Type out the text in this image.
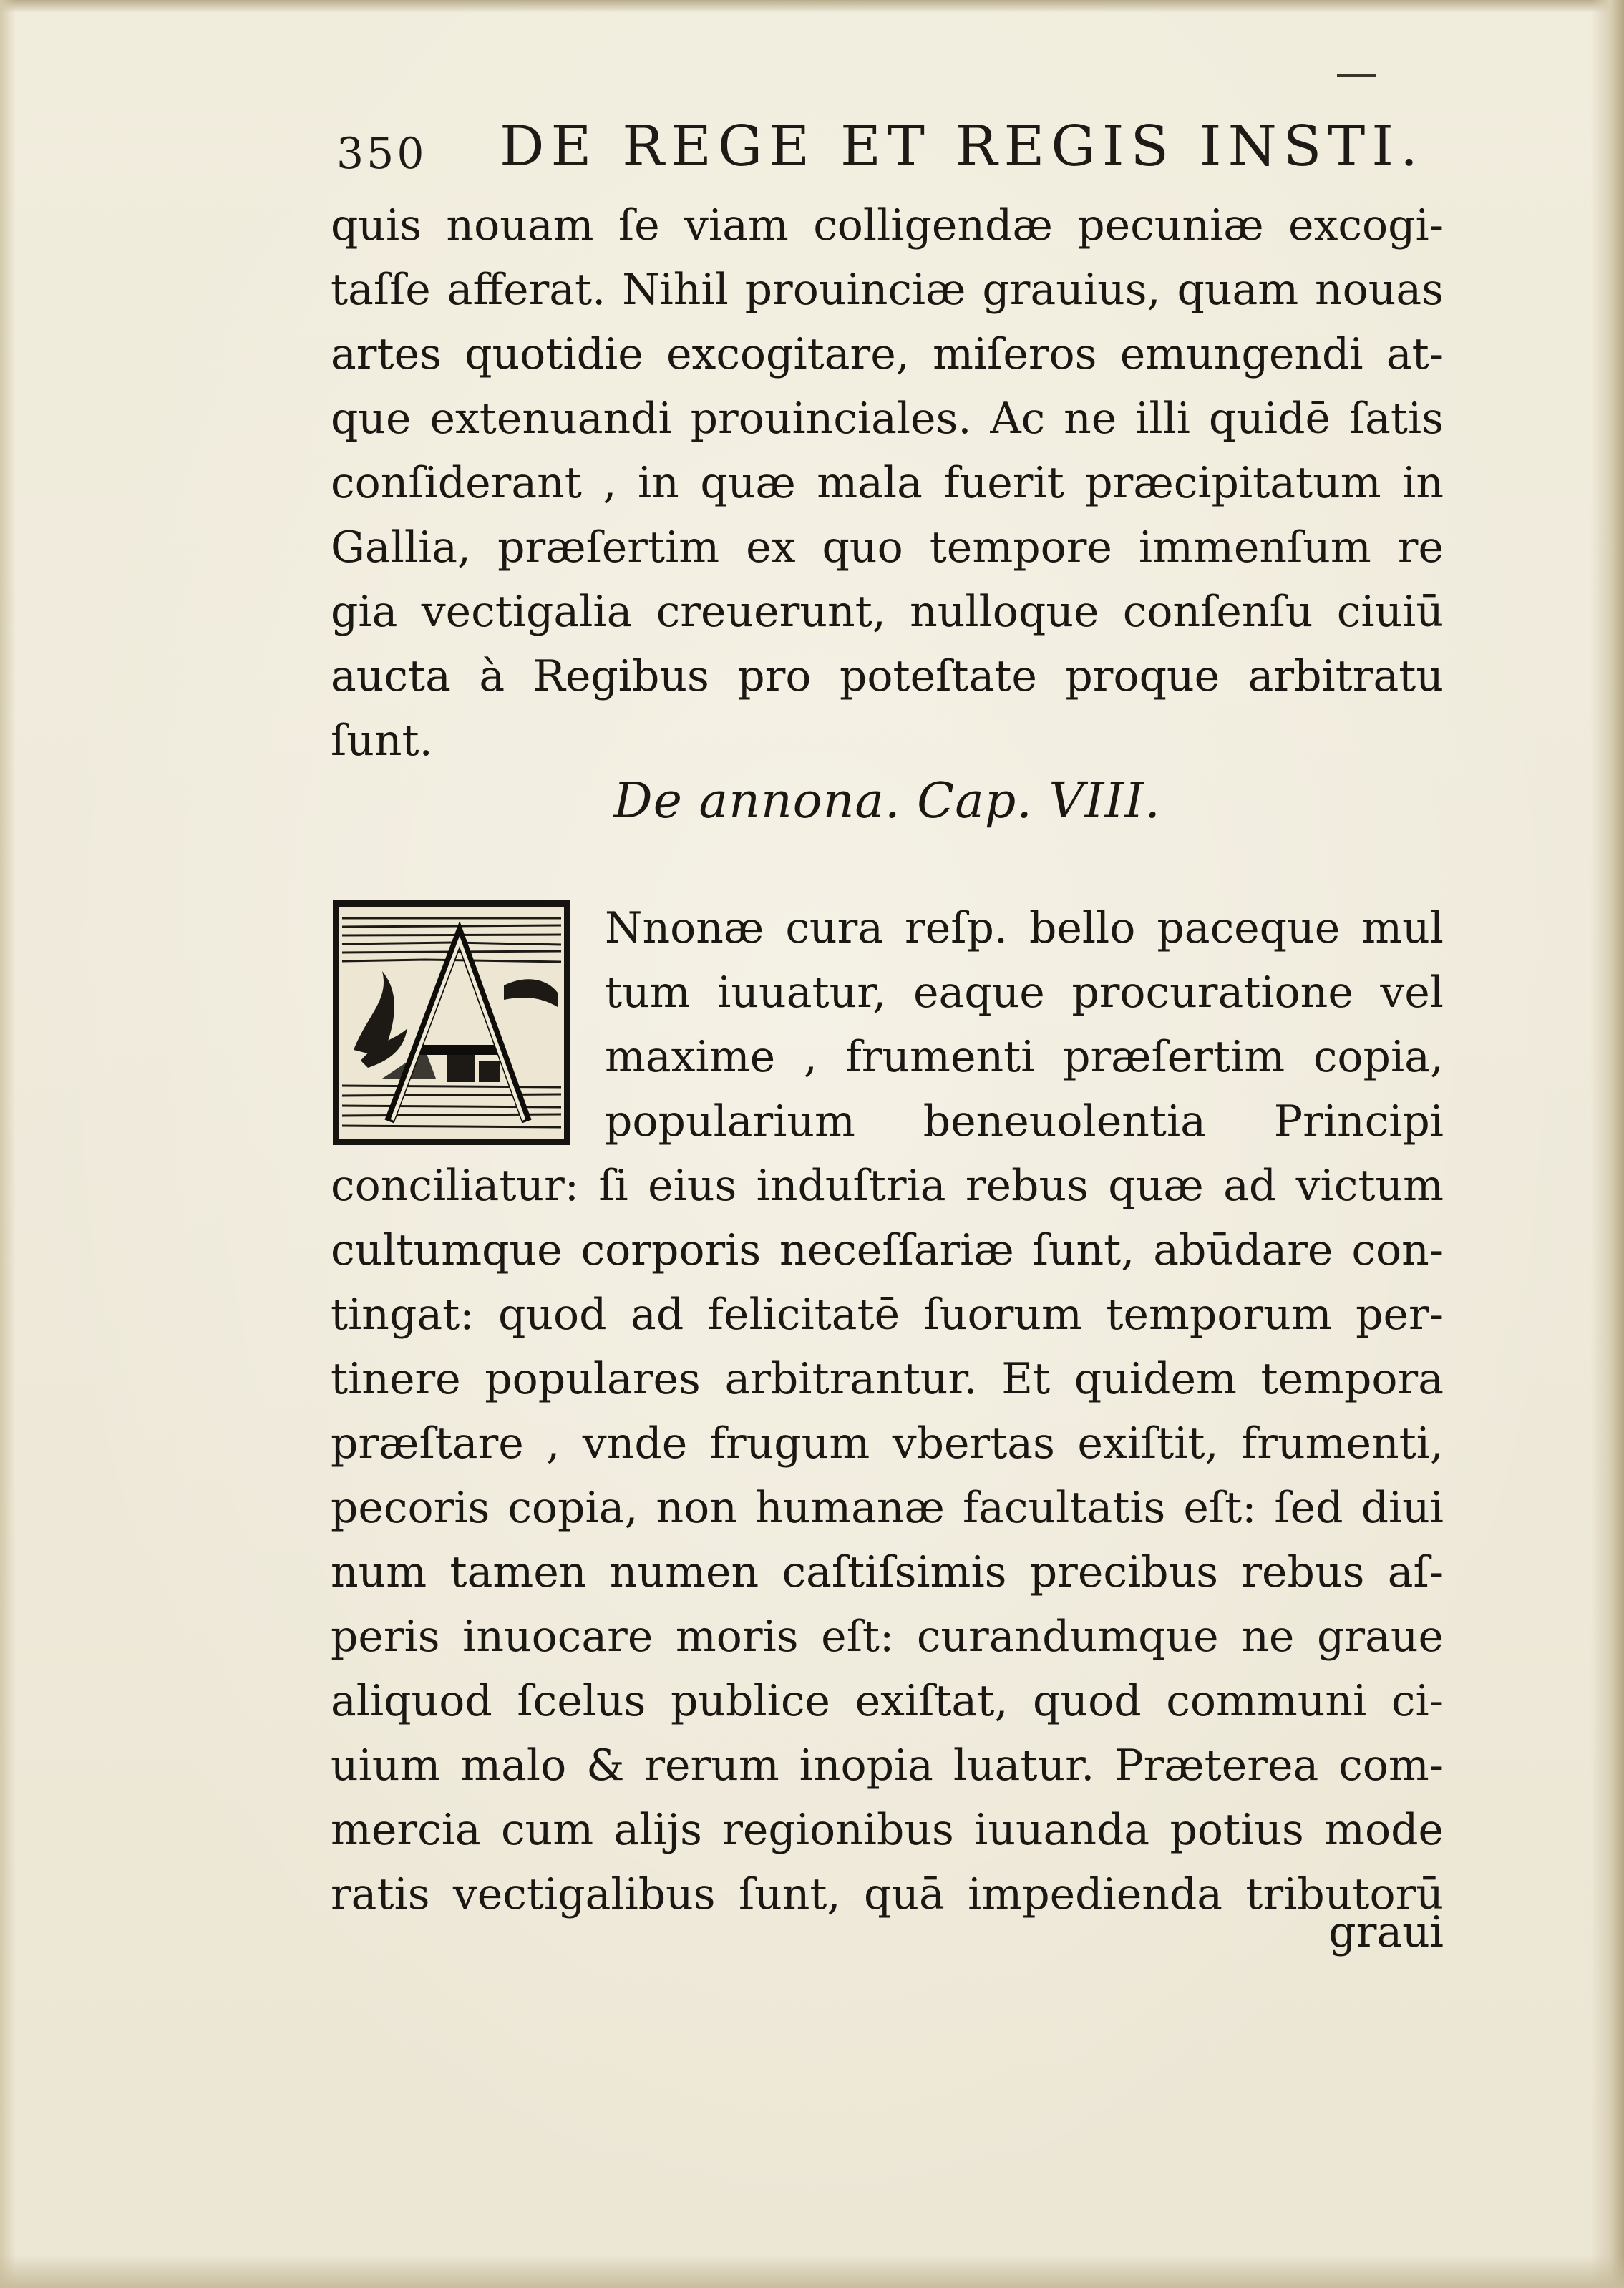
350 DE REGE ET REGIS INSTI.
quis nouam ſe viam colligendæ pecuniæ excogi-
taſſe afferat. Nihil prouinciæ grauius, quam nouas
artes quotidie excogitare, miſeros emungendi at-
que extenuandi prouinciales. Ac ne illi quidē ſatis
conſiderant , in quæ mala fuerit præcipitatum in
Gallia, præſertim ex quo tempore immenſum re
gia vectigalia creuerunt, nulloque conſenſu ciuiū
aucta à Regibus pro poteſtate proque arbitratu
ſunt.
De annona. Cap. VIII.
Nnonæ cura reſp. bello paceque mul
tum iuuatur, eaque procuratione vel
maxime , frumenti præſertim copia,
popularium beneuolentia Principi
conciliatur: ſi eius induſtria rebus quæ ad victum
cultumque corporis neceſſariæ ſunt, abūdare con-
tingat: quod ad felicitatē ſuorum temporum per-
tinere populares arbitrantur. Et quidem tempora
præſtare , vnde frugum vbertas exiſtit, frumenti,
pecoris copia, non humanæ facultatis eſt: ſed diui
num tamen numen caſtiſsimis precibus rebus aſ-
peris inuocare moris eſt: curandumque ne graue
aliquod ſcelus publice exiſtat, quod communi ci-
uium malo & rerum inopia luatur. Præterea com-
mercia cum alijs regionibus iuuanda potius mode
ratis vectigalibus ſunt, quā impedienda tributorū
graui
